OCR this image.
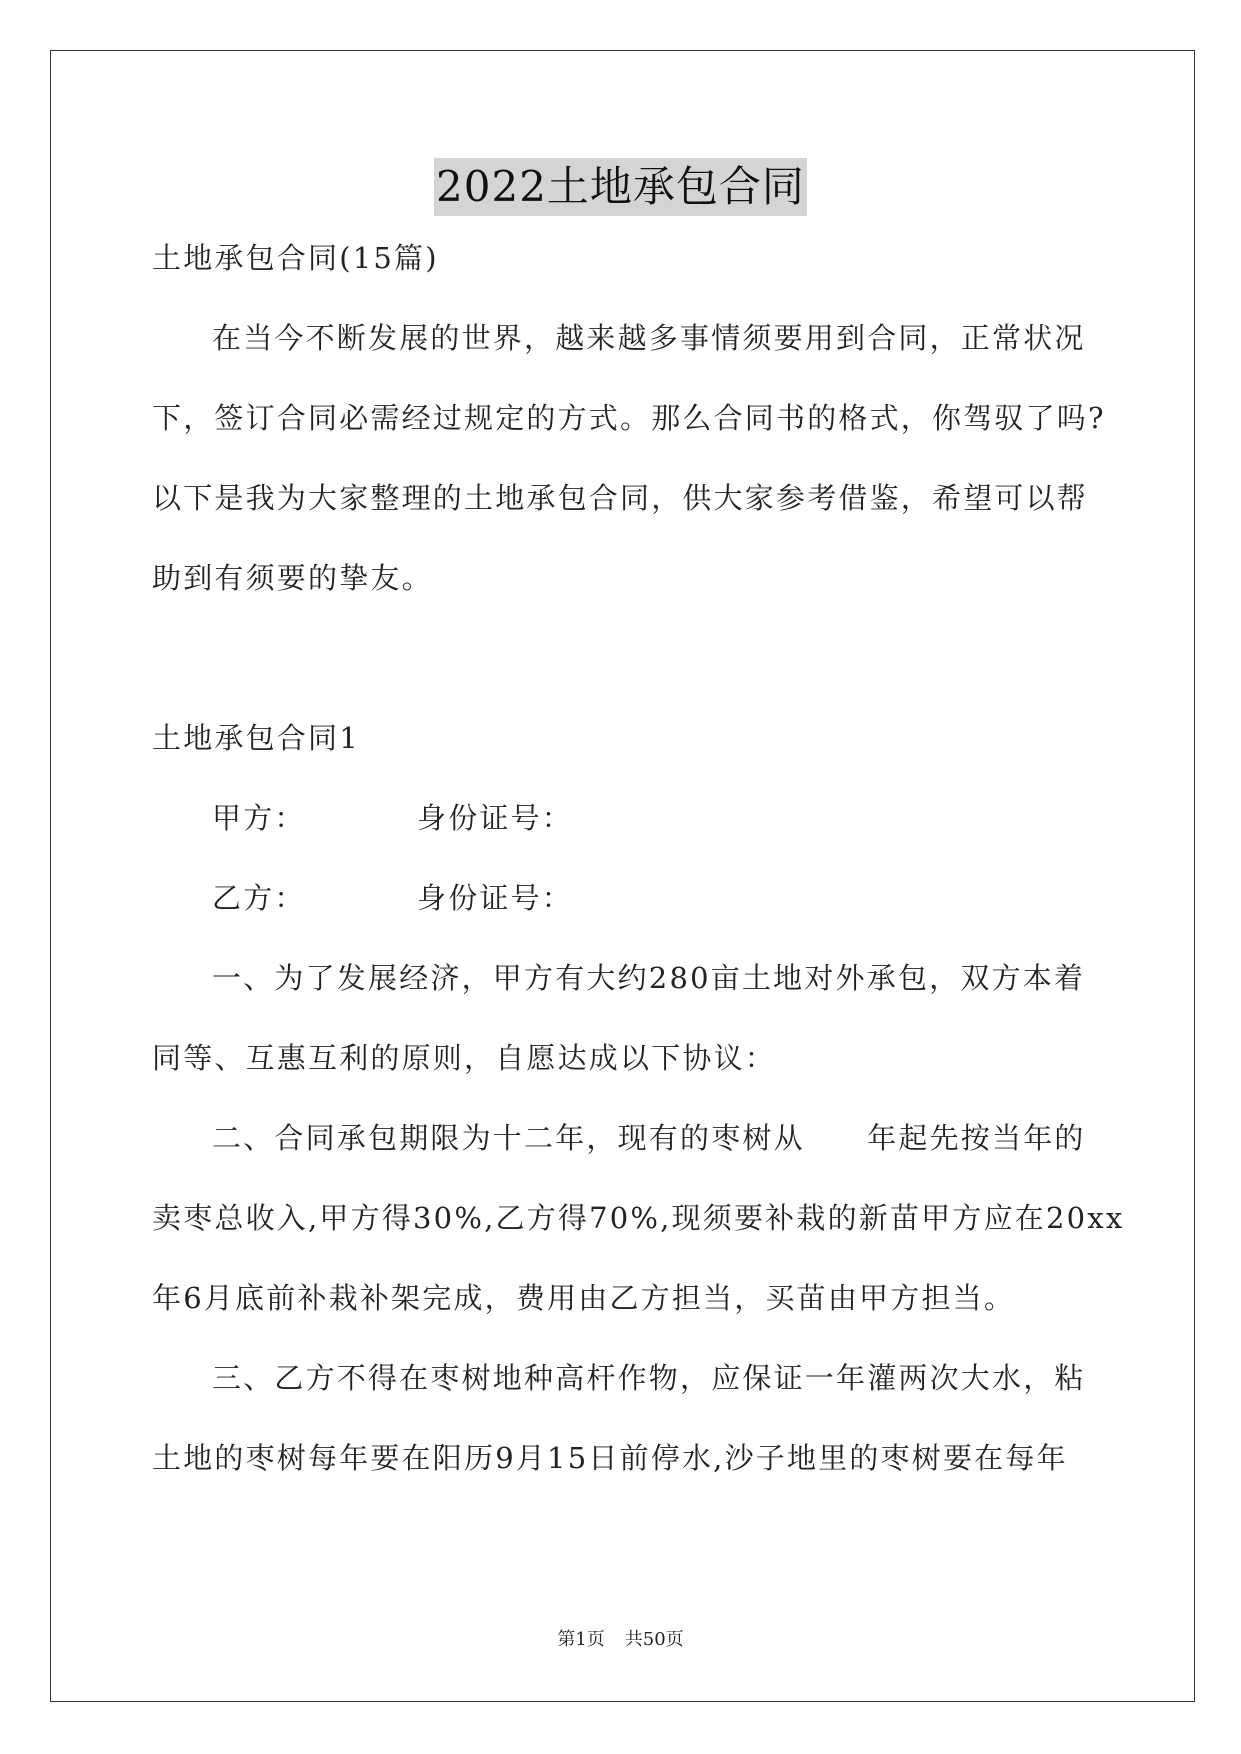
2022土地承包合同
土地承包合同(15篇)
在当今不断发展的世界，越来越多事情须要用到合同，正常状况
下，签订合同必需经过规定的方式。那么合同书的格式，你驾驭了吗?
以下是我为大家整理的土地承包合同，供大家参考借鉴，希望可以帮
助到有须要的挚友。
土地承包合同1
甲方：	身份证号：
乙方：	身份证号：
一、为了发展经济，甲方有大约280亩土地对外承包，双方本着
同等、互惠互利的原则，自愿达成以下协议：
二、合同承包期限为十二年，现有的枣树从　　年起先按当年的
卖枣总收入,甲方得30%,乙方得70%,现须要补栽的新苗甲方应在20xx
年6月底前补栽补架完成，费用由乙方担当，买苗由甲方担当。
三、乙方不得在枣树地种高杆作物，应保证一年灌两次大水，粘
土地的枣树每年要在阳历9月15日前停水,沙子地里的枣树要在每年
第1页 共50页
